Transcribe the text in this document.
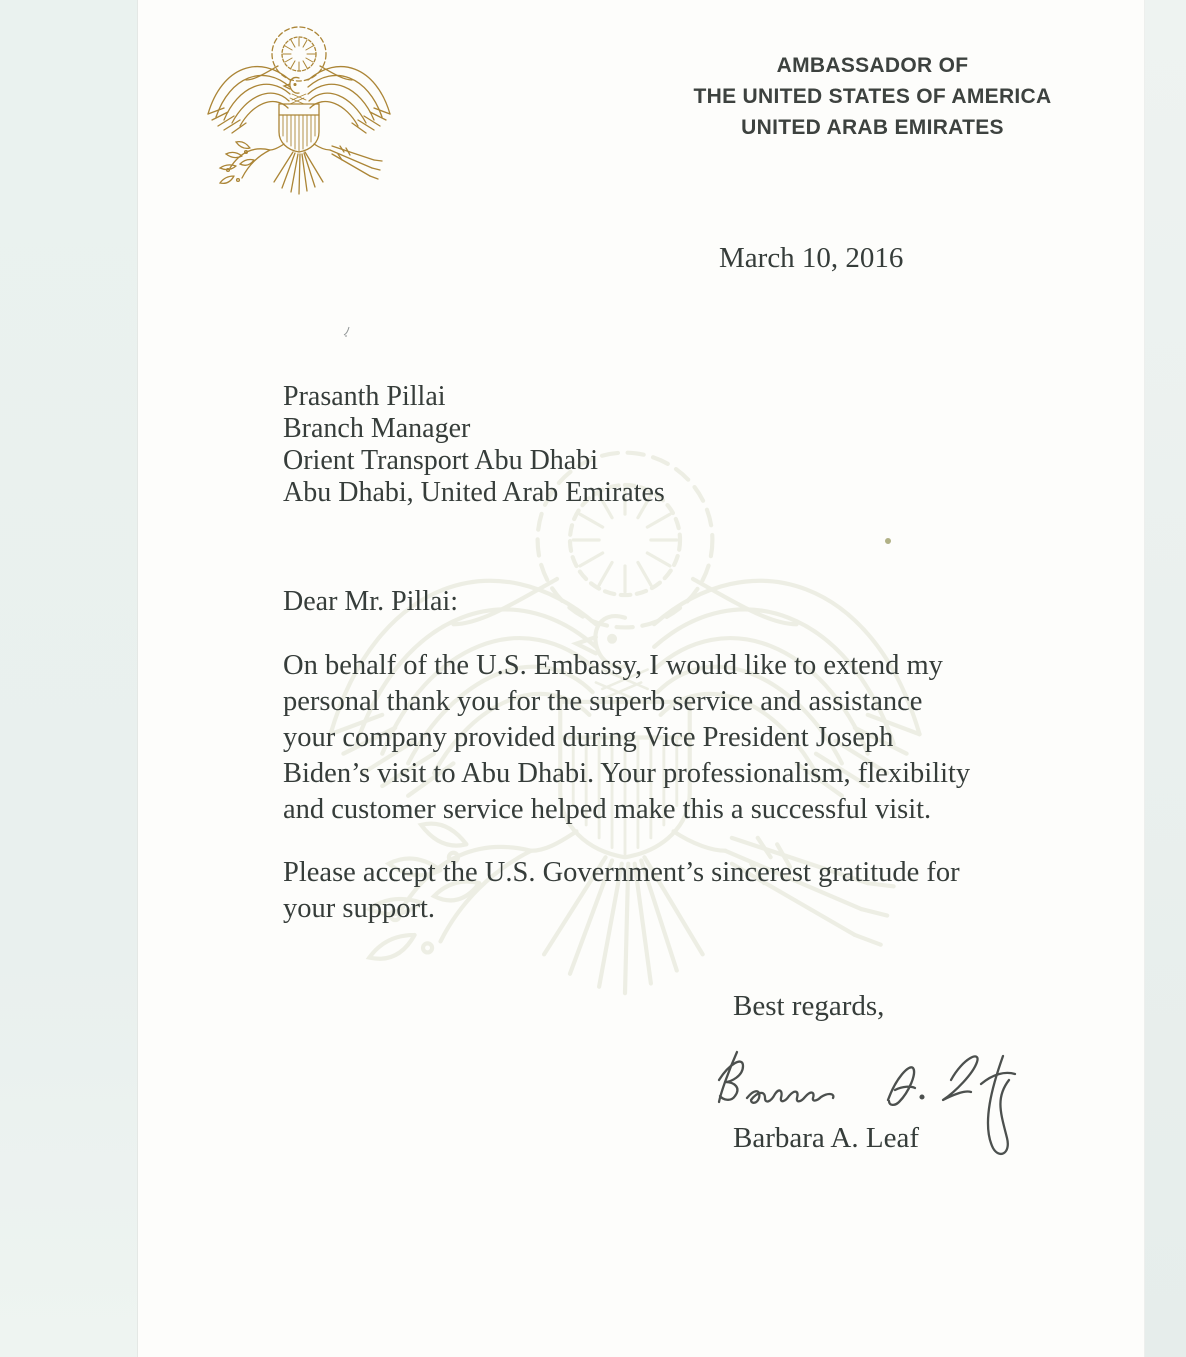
AMBASSADOR OF
THE UNITED STATES OF AMERICA
UNITED ARAB EMIRATES
March 10, 2016
Prasanth Pillai
Branch Manager
Orient Transport Abu Dhabi
Abu Dhabi, United Arab Emirates
Dear Mr. Pillai:
On behalf of the U.S. Embassy, I would like to extend my
personal thank you for the superb service and assistance
your company provided during Vice President Joseph
Biden’s visit to Abu Dhabi. Your professionalism, flexibility
and customer service helped make this a successful visit.
Please accept the U.S. Government’s sincerest gratitude for
your support.
Best regards,
Barbara A. Leaf
